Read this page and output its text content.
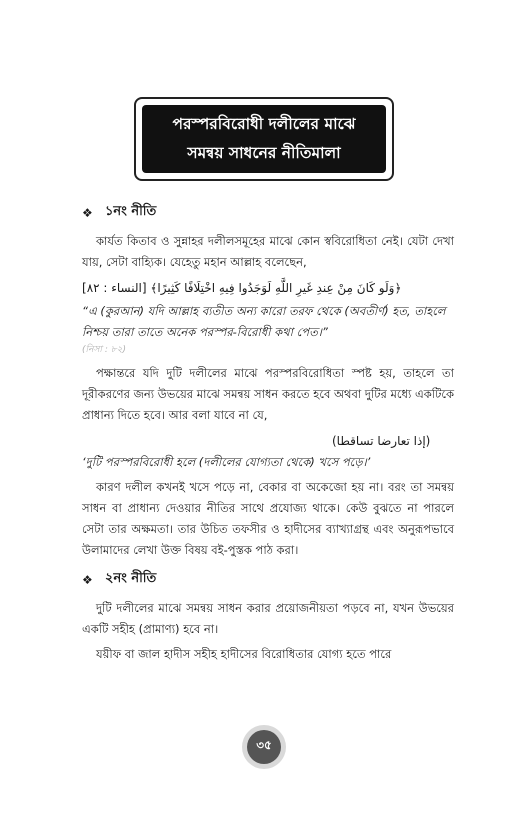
পরস্পরবিরোধী দলীলের মাঝে
সমন্বয় সাধনের নীতিমালা
❖ ১নং নীতি

কার্যত কিতাব ও সুন্নাহর দলীলসমূহের মাঝে কোন স্ববিরোধিতা নেই। যেটা দেখা যায়, সেটা বাহ্যিক। যেহেতু মহান আল্লাহ বলেছেন,

﴿وَلَو كَانَ مِنْ عِندِ غَيرِ اللَّهِ لَوَجَدُوا فِيهِ اخْتِلَافًا كَثِيرًا﴾ [النساء : ٨٢]

“এ (কুরআন) যদি আল্লাহ ব্যতীত অন্য কারো তরফ থেকে (অবতীর্ণ) হত, তাহলে নিশ্চয় তারা তাতে অনেক পরস্পর-বিরোধী কথা পেত।”

(নিসা : ৮২)

পক্ষান্তরে যদি দুটি দলীলের মাঝে পরস্পরবিরোধিতা স্পষ্ট হয়, তাহলে তা দূরীকরণের জন্য উভয়ের মাঝে সমন্বয় সাধন করতে হবে অথবা দুটির মধ্যে একটিকে প্রাধান্য দিতে হবে। আর বলা যাবে না যে,

(إذا تعارضا تساقطا)

‘দুটি পরস্পরবিরোধী হলে (দলীলের যোগ্যতা থেকে) খসে পড়ে।’

কারণ দলীল কখনই খসে পড়ে না, বেকার বা অকেজো হয় না। বরং তা সমন্বয় সাধন বা প্রাধান্য দেওয়ার নীতির সাথে প্রযোজ্য থাকে। কেউ বুঝতে না পারলে সেটা তার অক্ষমতা। তার উচিত তফসীর ও হাদীসের ব্যাখ্যাগ্রন্থ এবং অনুরূপভাবে উলামাদের লেখা উক্ত বিষয় বই-পুস্তক পাঠ করা।

❖ ২নং নীতি

দুটি দলীলের মাঝে সমন্বয় সাধন করার প্রয়োজনীয়তা পড়বে না, যখন উভয়ের একটি সহীহ (প্রামাণ্য) হবে না।

যয়ীফ বা জাল হাদীস সহীহ হাদীসের বিরোধিতার যোগ্য হতে পারে

৩৫
